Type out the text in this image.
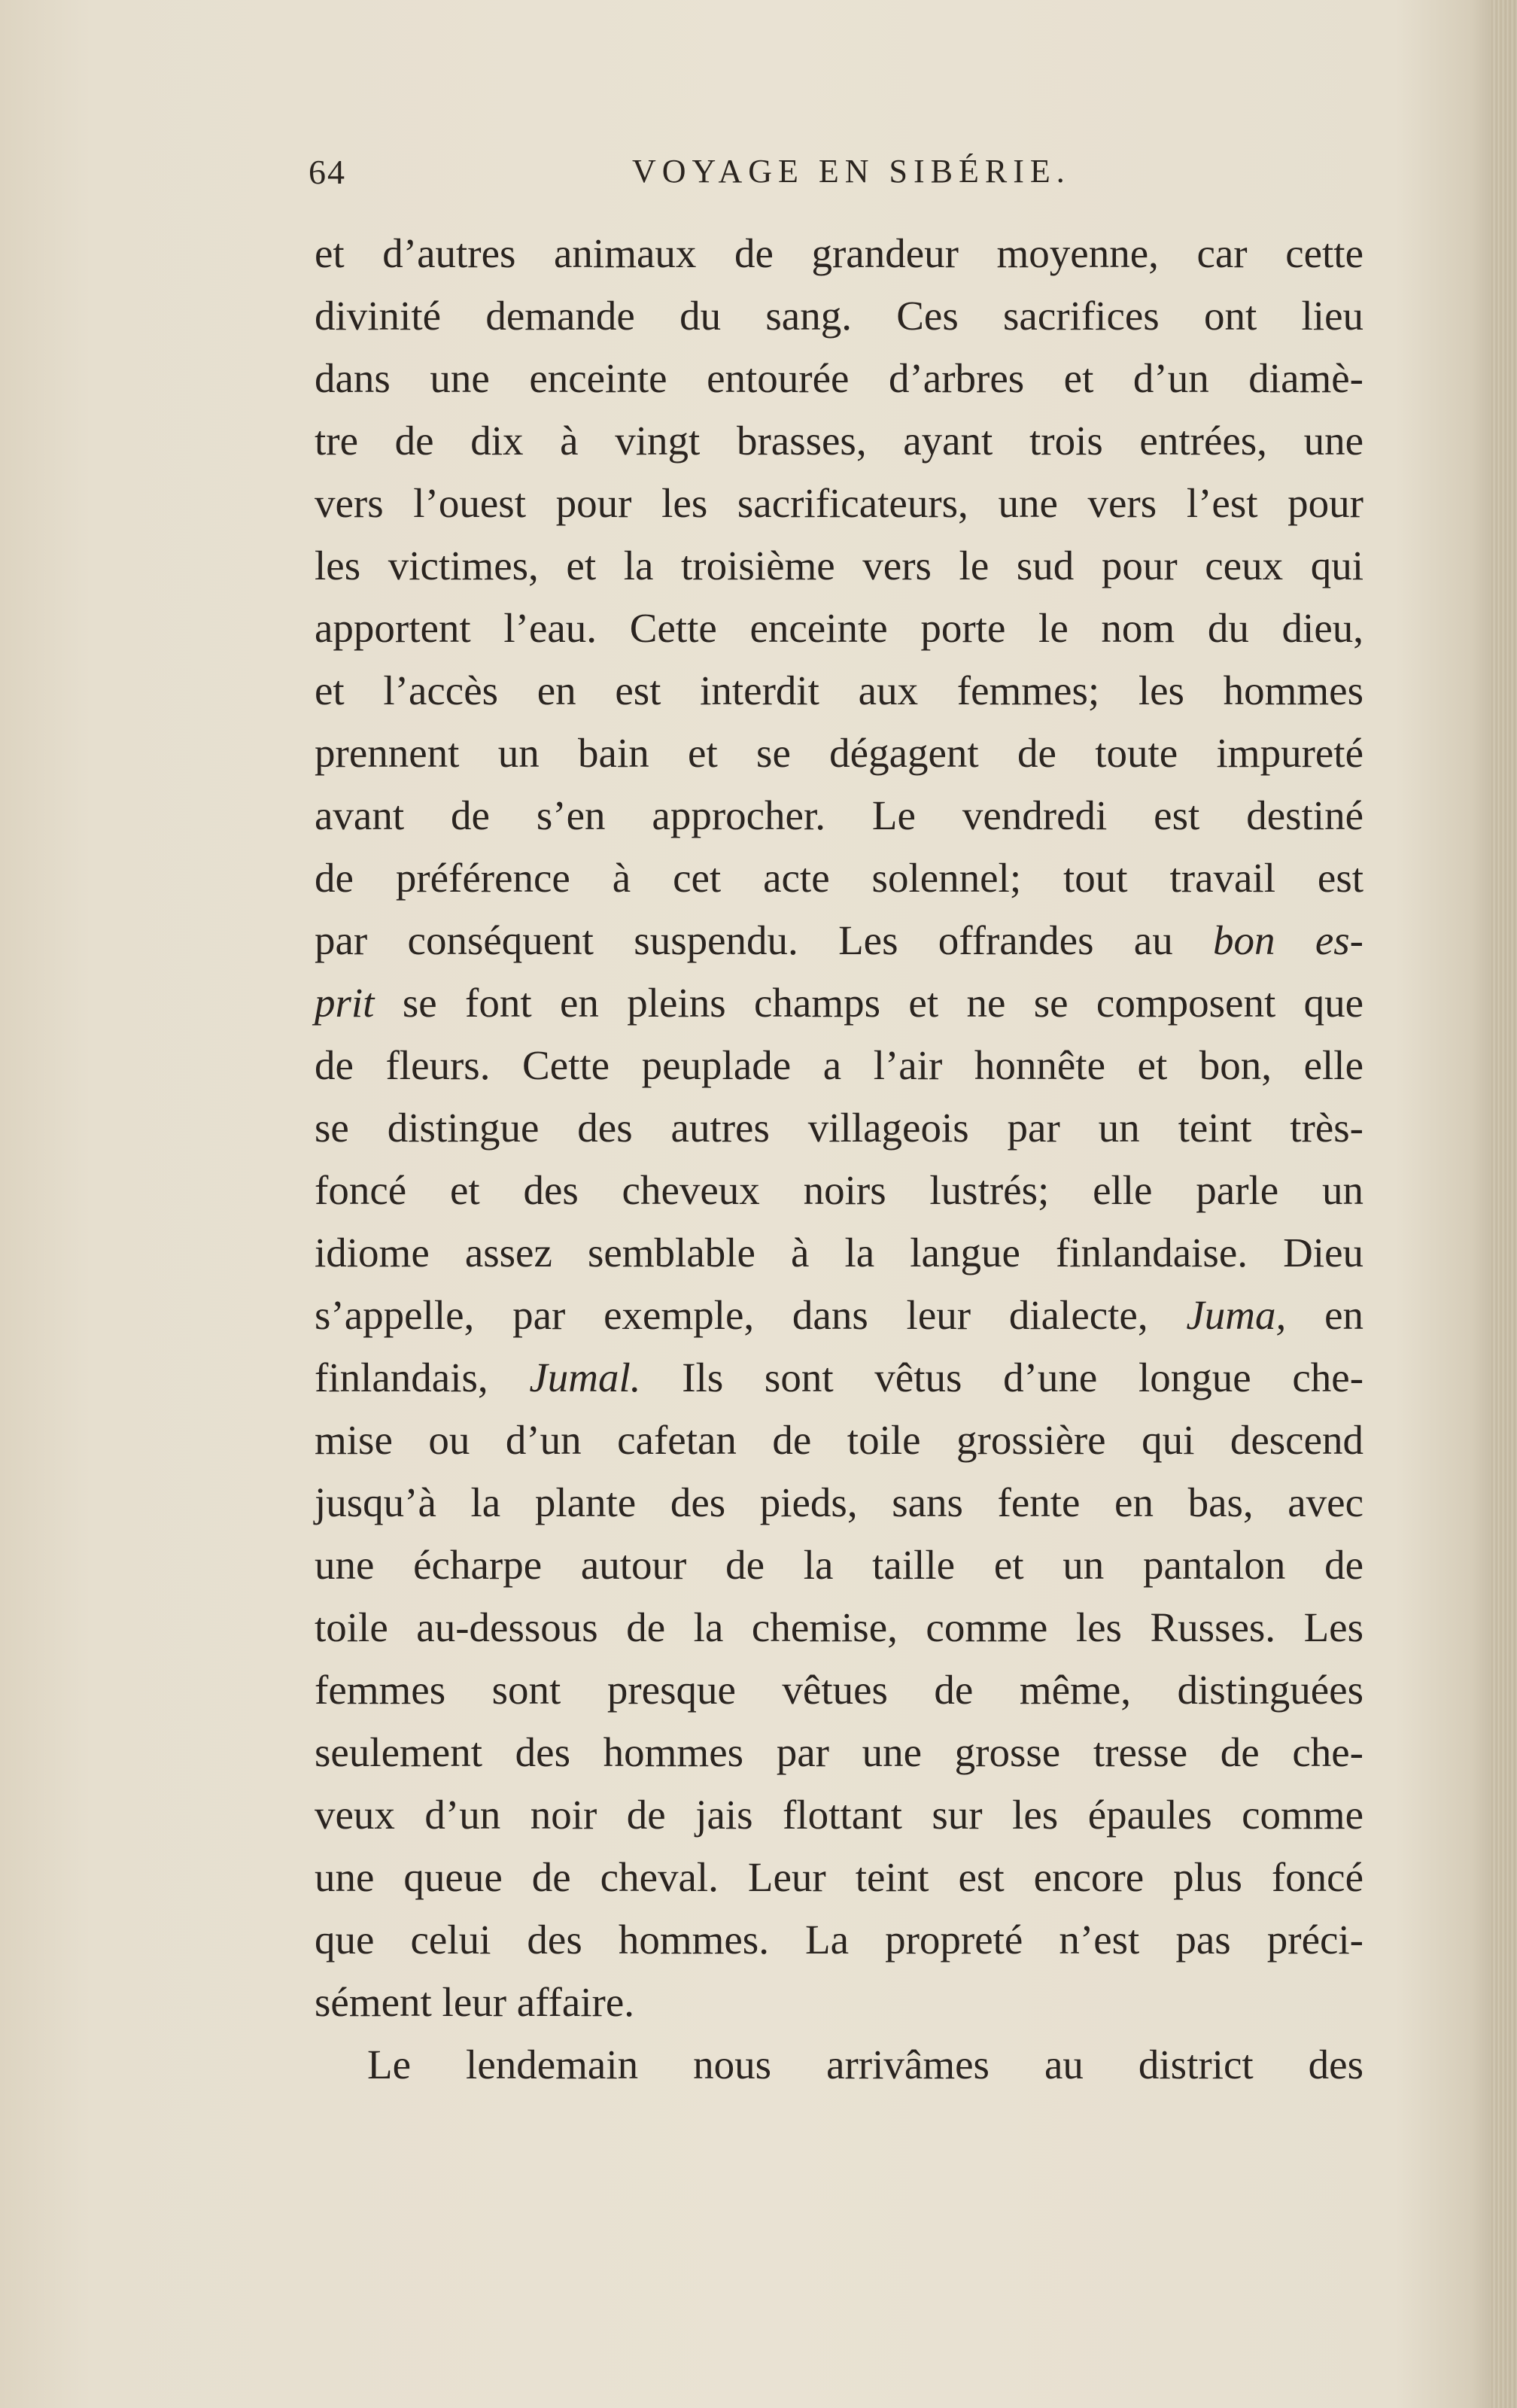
64	VOYAGE EN SIBÉRIE.
et d’autres animaux de grandeur moyenne, car cette
divinité demande du sang. Ces sacrifices ont lieu
dans une enceinte entourée d’arbres et d’un diamè-
tre de dix à vingt brasses, ayant trois entrées, une
vers l’ouest pour les sacrificateurs, une vers l’est pour
les victimes, et la troisième vers le sud pour ceux qui
apportent l’eau. Cette enceinte porte le nom du dieu,
et l’accès en est interdit aux femmes; les hommes
prennent un bain et se dégagent de toute impureté
avant de s’en approcher. Le vendredi est destiné
de préférence à cet acte solennel; tout travail est
par conséquent suspendu. Les offrandes au bon es-
prit se font en pleins champs et ne se composent que
de fleurs. Cette peuplade a l’air honnête et bon, elle
se distingue des autres villageois par un teint très-
foncé et des cheveux noirs lustrés; elle parle un
idiome assez semblable à la langue finlandaise. Dieu
s’appelle, par exemple, dans leur dialecte, Juma, en
finlandais, Jumal. Ils sont vêtus d’une longue che-
mise ou d’un cafetan de toile grossière qui descend
jusqu’à la plante des pieds, sans fente en bas, avec
une écharpe autour de la taille et un pantalon de
toile au-dessous de la chemise, comme les Russes. Les
femmes sont presque vêtues de même, distinguées
seulement des hommes par une grosse tresse de che-
veux d’un noir de jais flottant sur les épaules comme
une queue de cheval. Leur teint est encore plus foncé
que celui des hommes. La propreté n’est pas préci-
sément leur affaire.
Le lendemain nous arrivâmes au district des
